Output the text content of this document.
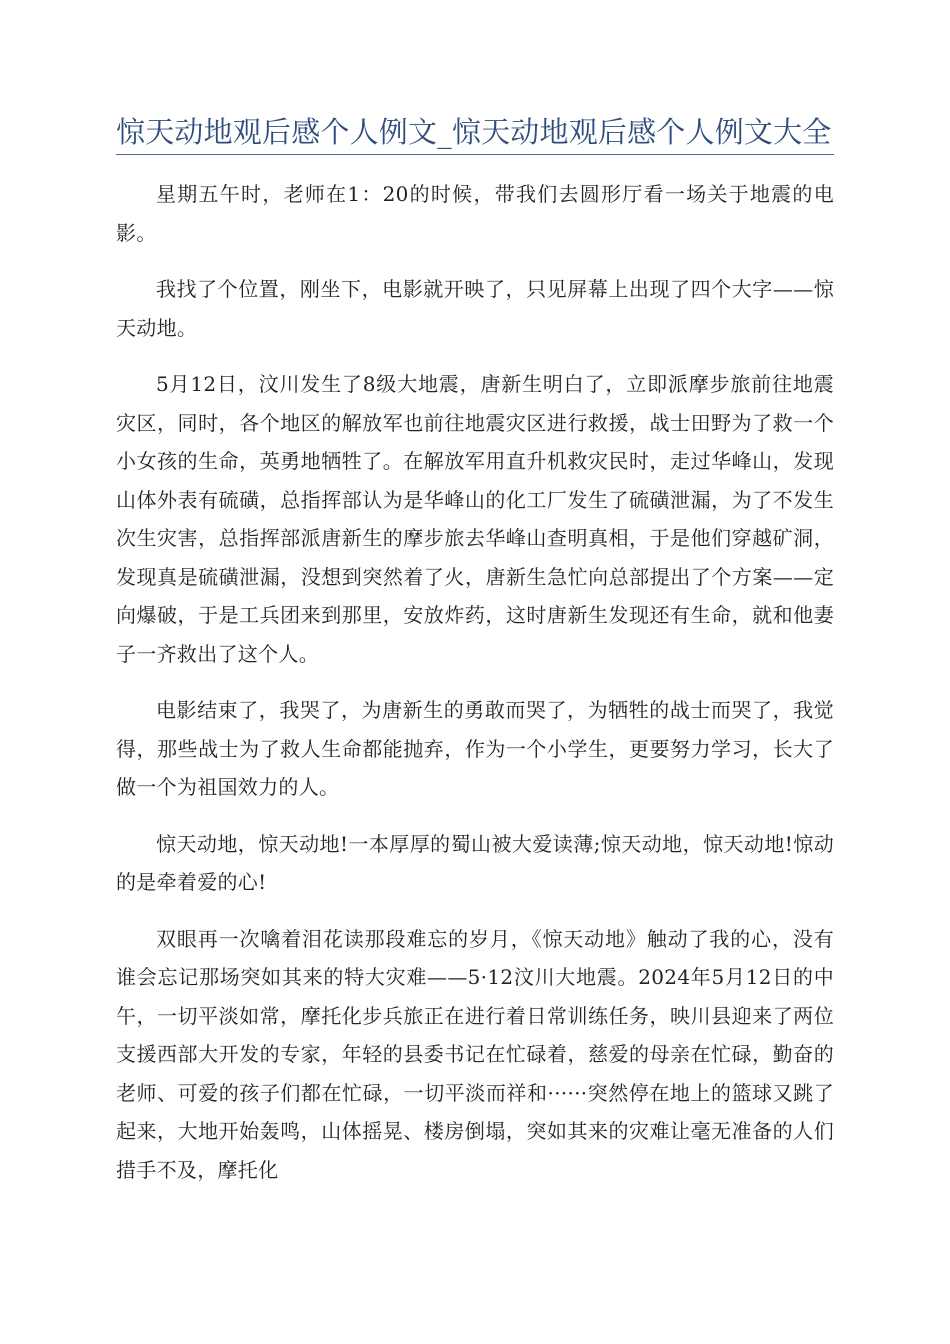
惊天动地观后感个人例文_惊天动地观后感个人例文大全

星期五午时，老师在1：20的时候，带我们去圆形厅看一场关于地震的电影。

我找了个位置，刚坐下，电影就开映了，只见屏幕上出现了四个大字——惊天动地。

5月12日，汶川发生了8级大地震，唐新生明白了，立即派摩步旅前往地震灾区，同时，各个地区的解放军也前往地震灾区进行救援，战士田野为了救一个小女孩的生命，英勇地牺牲了。在解放军用直升机救灾民时，走过华峰山，发现山体外表有硫磺，总指挥部认为是华峰山的化工厂发生了硫磺泄漏，为了不发生次生灾害，总指挥部派唐新生的摩步旅去华峰山查明真相，于是他们穿越矿洞，发现真是硫磺泄漏，没想到突然着了火，唐新生急忙向总部提出了个方案——定向爆破，于是工兵团来到那里，安放炸药，这时唐新生发现还有生命，就和他妻子一齐救出了这个人。

电影结束了，我哭了，为唐新生的勇敢而哭了，为牺牲的战士而哭了，我觉得，那些战士为了救人生命都能抛弃，作为一个小学生，更要努力学习，长大了做一个为祖国效力的人。

惊天动地，惊天动地!一本厚厚的蜀山被大爱读薄;惊天动地，惊天动地!惊动的是牵着爱的心!

双眼再一次噙着泪花读那段难忘的岁月，《惊天动地》触动了我的心，没有谁会忘记那场突如其来的特大灾难——5·12汶川大地震。2024年5月12日的中午，一切平淡如常，摩托化步兵旅正在进行着日常训练任务，映川县迎来了两位支援西部大开发的专家，年轻的县委书记在忙碌着，慈爱的母亲在忙碌，勤奋的老师、可爱的孩子们都在忙碌，一切平淡而祥和······突然停在地上的篮球又跳了起来，大地开始轰鸣，山体摇晃、楼房倒塌，突如其来的灾难让毫无准备的人们措手不及，摩托化
